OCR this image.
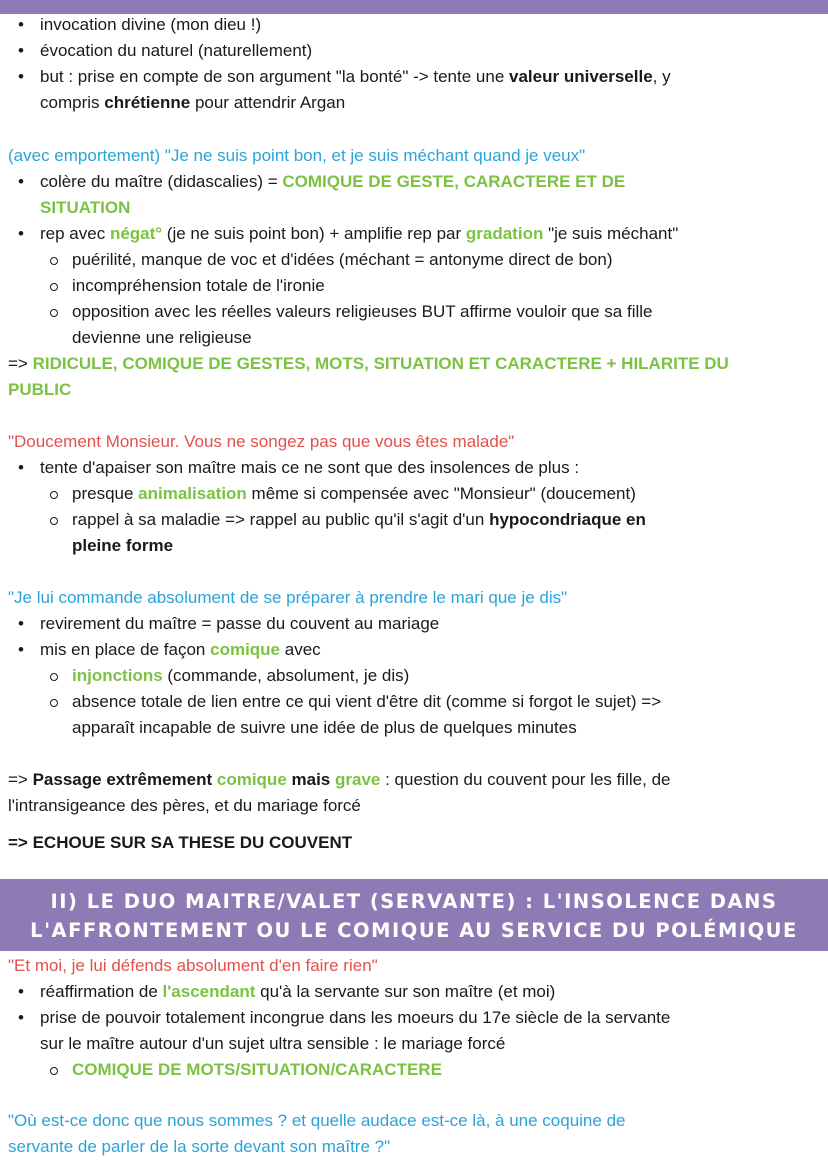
• invocation divine (mon dieu !)
• évocation du naturel (naturellement)
• but : prise en compte de son argument "la bonté" -> tente une valeur universelle, y
compris chrétienne pour attendrir Argan

(avec emportement) "Je ne suis point bon, et je suis méchant quand je veux"

• colère du maître (didascalies) = COMIQUE DE GESTE, CARACTERE ET DE
SITUATION
• rep avec négat° (je ne suis point bon) + amplifie rep par gradation "je suis méchant"
puérilité, manque de voc et d'idées (méchant = antonyme direct de bon)
incompréhension totale de l'ironie
opposition avec les réelles valeurs religieuses BUT affirme vouloir que sa fille
devienne une religieuse

=> RIDICULE, COMIQUE DE GESTES, MOTS, SITUATION ET CARACTERE + HILARITE DU
PUBLIC

"Doucement Monsieur. Vous ne songez pas que vous êtes malade"

• tente d'apaiser son maître mais ce ne sont que des insolences de plus :
presque animalisation même si compensée avec "Monsieur" (doucement)
rappel à sa maladie => rappel au public qu'il s'agit d'un hypocondriaque en
pleine forme

"Je lui commande absolument de se préparer à prendre le mari que je dis"

• revirement du maître = passe du couvent au mariage
• mis en place de façon comique avec
injonctions (commande, absolument, je dis)
absence totale de lien entre ce qui vient d'être dit (comme si forgot le sujet) =>
apparaît incapable de suivre une idée de plus de quelques minutes

=> Passage extrêmement comique mais grave : question du couvent pour les fille, de
l'intransigeance des pères, et du mariage forcé

=> ECHOUE SUR SA THESE DU COUVENT

II) LE DUO MAITRE/VALET (SERVANTE) : L'INSOLENCE DANS
L'AFFRONTEMENT OU LE COMIQUE AU SERVICE DU POLÉMIQUE

"Et moi, je lui défends absolument d'en faire rien"

• réaffirmation de l'ascendant qu'à la servante sur son maître (et moi)
• prise de pouvoir totalement incongrue dans les moeurs du 17e siècle de la servante
sur le maître autour d'un sujet ultra sensible : le mariage forcé
COMIQUE DE MOTS/SITUATION/CARACTERE

"Où est-ce donc que nous sommes ? et quelle audace est-ce là, à une coquine de
servante de parler de la sorte devant son maître ?"
